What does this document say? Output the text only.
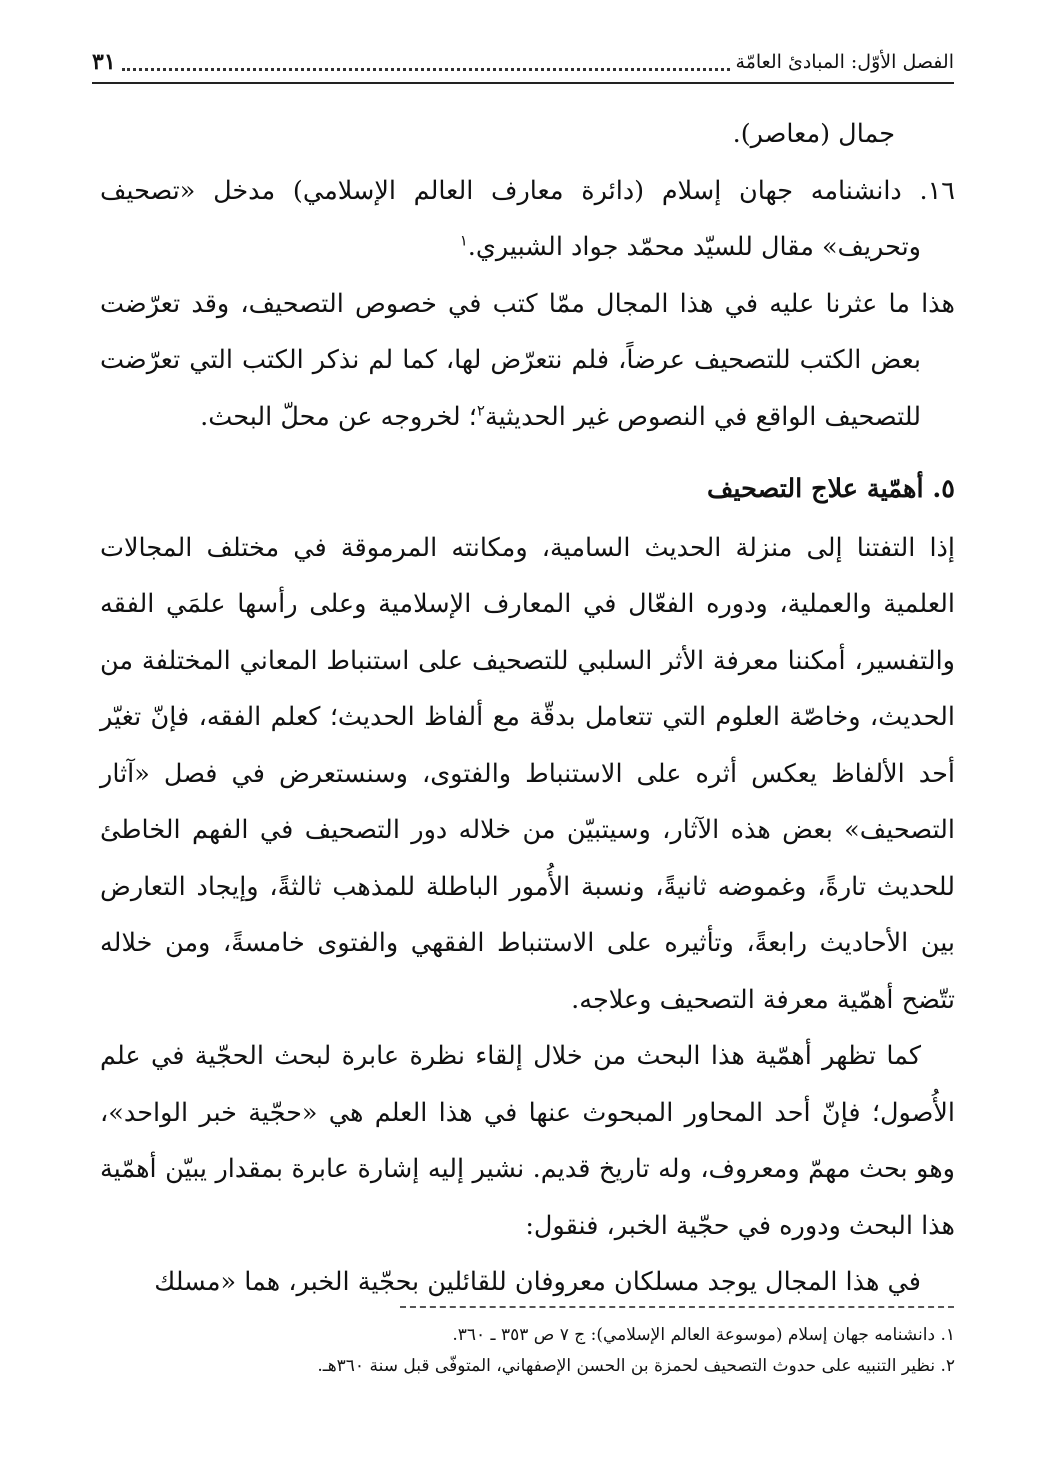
الفصل الأوّل: المبادئ العامّة
٣١

جمال (معاصر).

١٦. دانشنامه جهان إسلام (دائرة معارف العالم الإسلامي) مدخل «تصحيف وتحريف» مقال للسيّد محمّد جواد الشبيري.$^١$

هذا ما عثرنا عليه في هذا المجال ممّا كتب في خصوص التصحيف، وقد تعرّضت بعض الكتب للتصحيف عرضاً، فلم نتعرّض لها، كما لم نذكر الكتب التي تعرّضت للتصحيف الواقع في النصوص غير الحديثية$^٢$؛ لخروجه عن محلّ البحث.

٥. أهمّية علاج التصحيف

إذا التفتنا إلى منزلة الحديث السامية، ومكانته المرموقة في مختلف المجالات العلمية والعملية، ودوره الفعّال في المعارف الإسلامية وعلى رأسها علمَي الفقه والتفسير، أمكننا معرفة الأثر السلبي للتصحيف على استنباط المعاني المختلفة من الحديث، وخاصّة العلوم التي تتعامل بدقّة مع ألفاظ الحديث؛ كعلم الفقه، فإنّ تغيّر أحد الألفاظ يعكس أثره على الاستنباط والفتوى، وسنستعرض في فصل «آثار التصحيف» بعض هذه الآثار، وسيتبيّن من خلاله دور التصحيف في الفهم الخاطئ للحديث تارةً، وغموضه ثانيةً، ونسبة الأُمور الباطلة للمذهب ثالثةً، وإيجاد التعارض بين الأحاديث رابعةً، وتأثيره على الاستنباط الفقهي والفتوى خامسةً، ومن خلاله تتّضح أهمّية معرفة التصحيف وعلاجه.

كما تظهر أهمّية هذا البحث من خلال إلقاء نظرة عابرة لبحث الحجّية في علم الأُصول؛ فإنّ أحد المحاور المبحوث عنها في هذا العلم هي «حجّية خبر الواحد»، وهو بحث مهمّ ومعروف، وله تاريخ قديم. نشير إليه إشارة عابرة بمقدار يبيّن أهمّية هذا البحث ودوره في حجّية الخبر، فنقول:

في هذا المجال يوجد مسلكان معروفان للقائلين بحجّية الخبر، هما «مسلك

١. دانشنامه جهان إسلام (موسوعة العالم الإسلامي): ج ٧ ص ٣٥٣ ـ ٣٦٠.

٢. نظير التنبيه على حدوث التصحيف لحمزة بن الحسن الإصفهاني، المتوفّى قبل سنة ٣٦٠هـ.
